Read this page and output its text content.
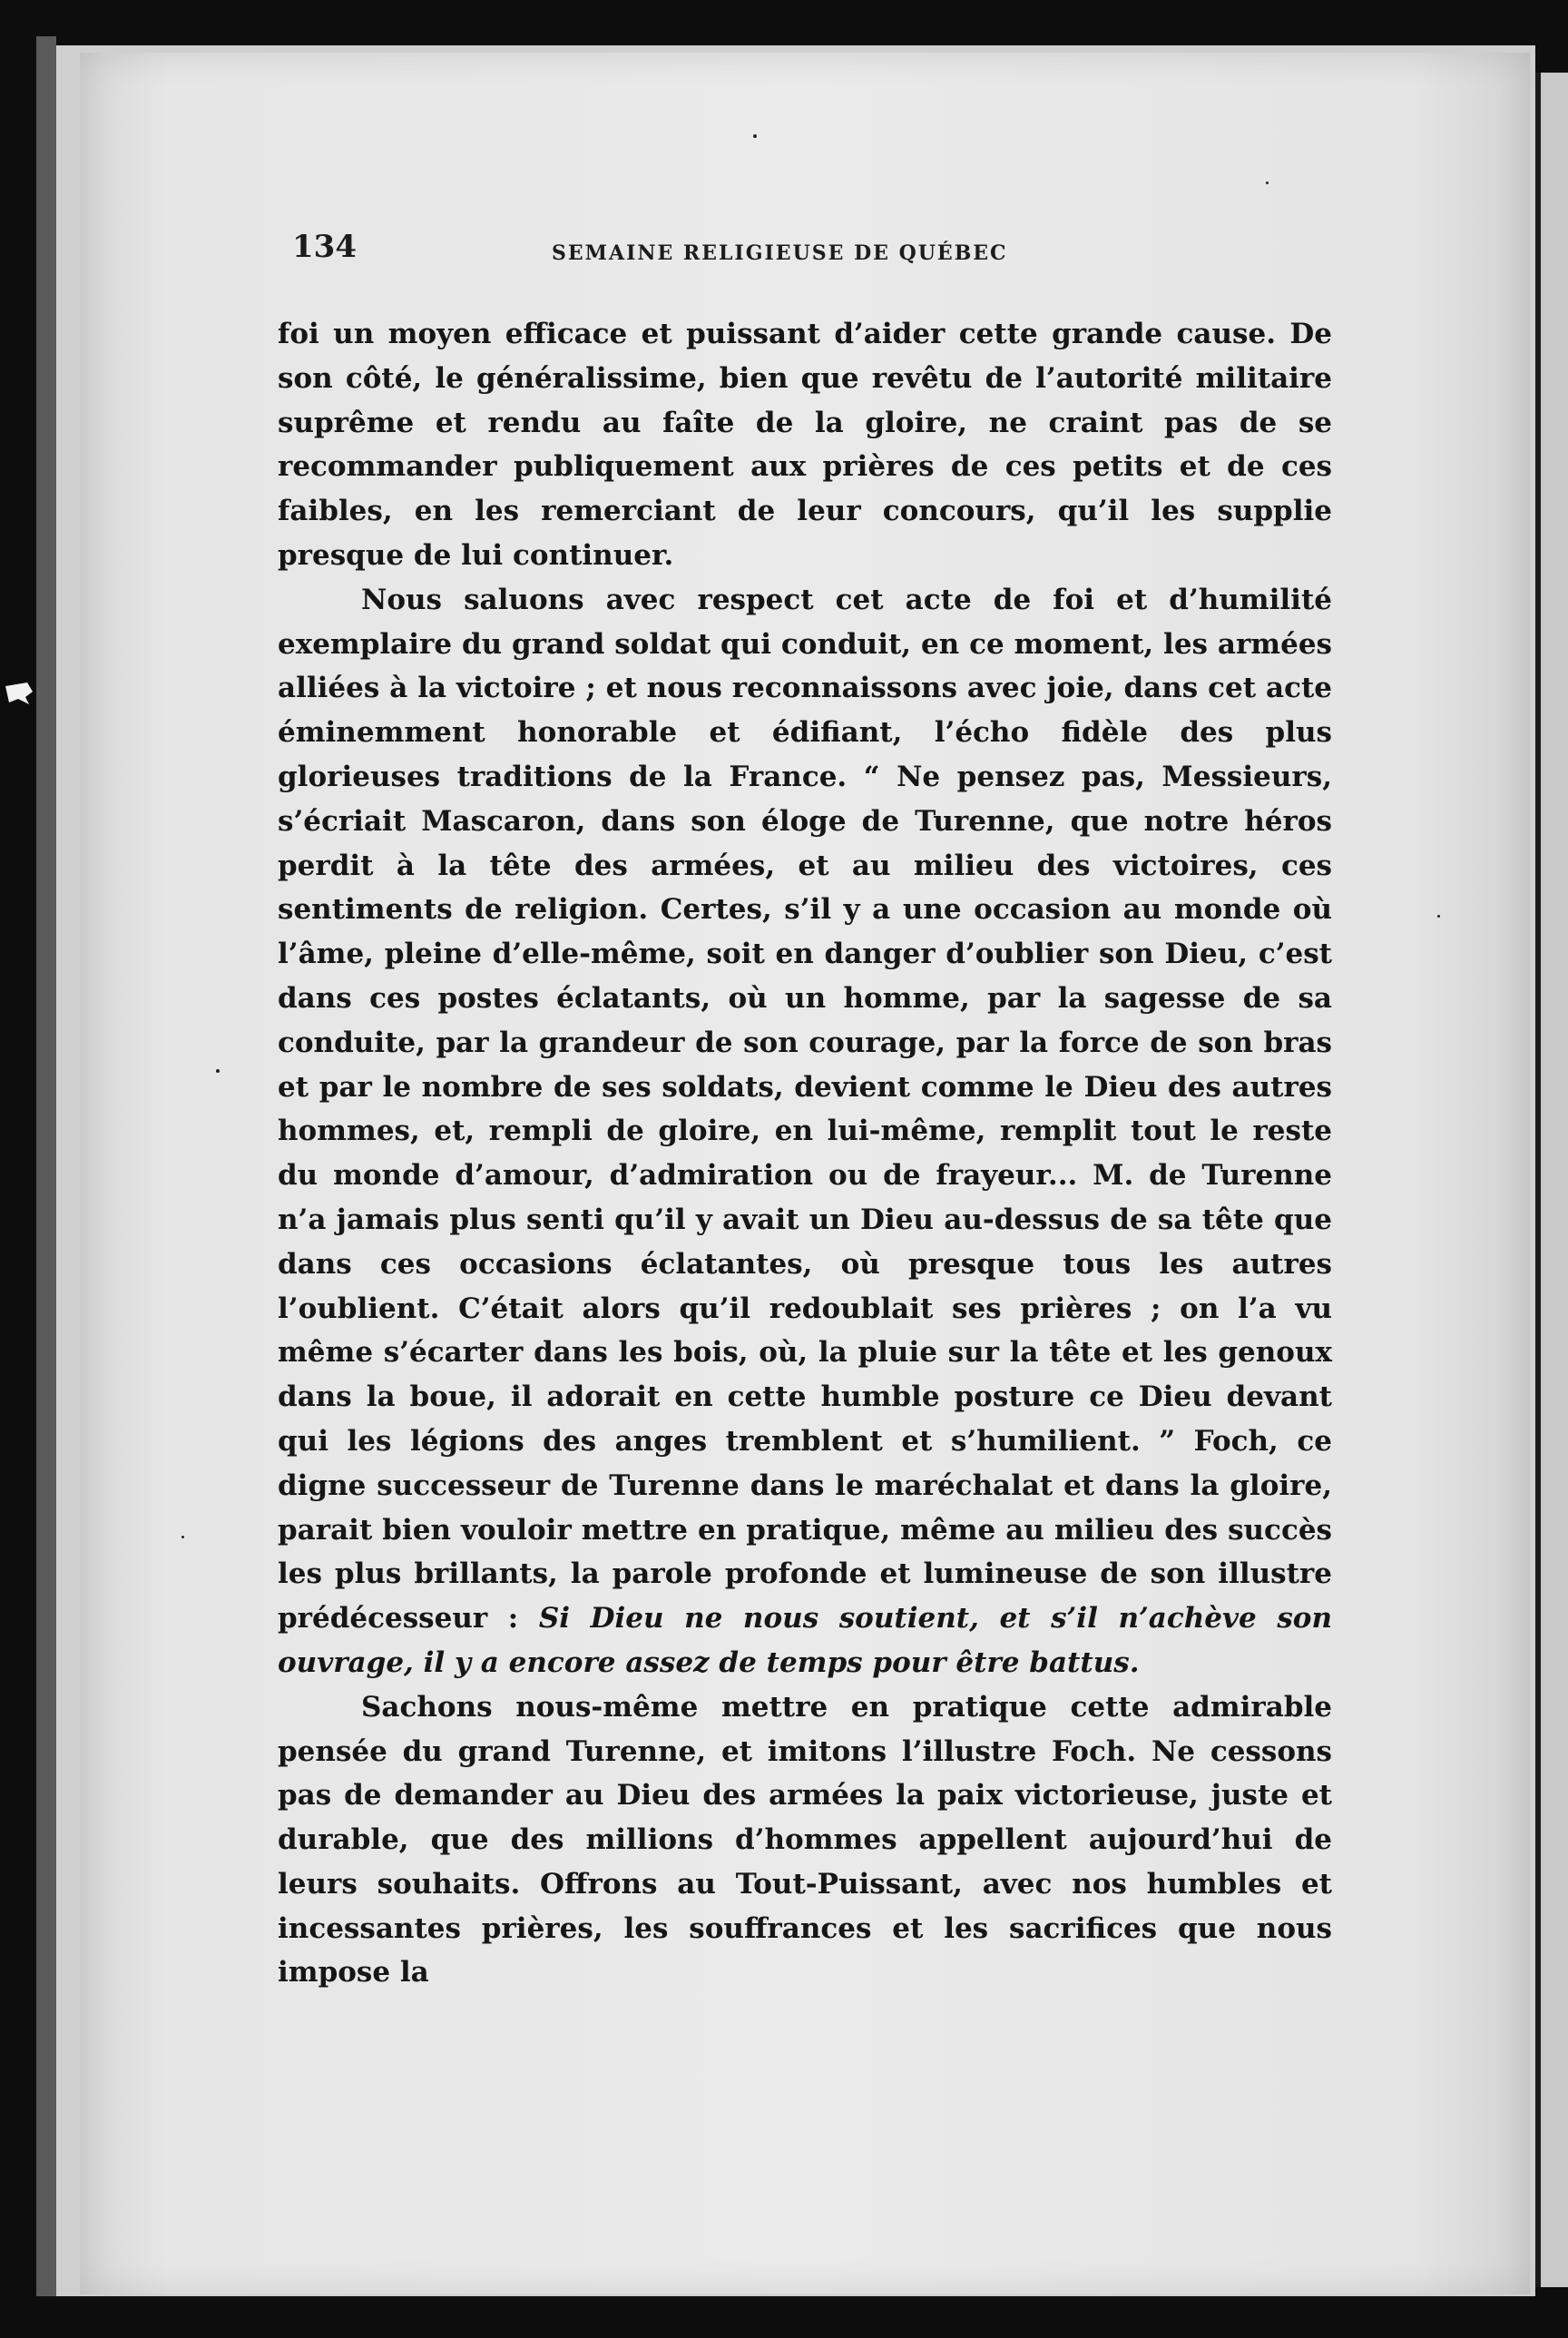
134	SEMAINE RELIGIEUSE DE QUÉBEC

foi un moyen efficace et puissant d’aider cette grande cause. De son côté, le généralissime, bien que revêtu de l’autorité militaire suprême et rendu au faîte de la gloire, ne craint pas de se recommander publiquement aux prières de ces petits et de ces faibles, en les remerciant de leur concours, qu’il les supplie presque de lui continuer.

Nous saluons avec respect cet acte de foi et d’humilité exemplaire du grand soldat qui conduit, en ce moment, les armées alliées à la victoire ; et nous reconnaissons avec joie, dans cet acte éminemment honorable et édifiant, l’écho fidèle des plus glorieuses traditions de la France. “ Ne pensez pas, Messieurs, s’écriait Mascaron, dans son éloge de Turenne, que notre héros perdit à la tête des armées, et au milieu des victoires, ces sentiments de religion. Certes, s’il y a une occasion au monde où l’âme, pleine d’elle-même, soit en danger d’oublier son Dieu, c’est dans ces postes éclatants, où un homme, par la sagesse de sa conduite, par la grandeur de son courage, par la force de son bras et par le nombre de ses soldats, devient comme le Dieu des autres hommes, et, rempli de gloire, en lui-même, remplit tout le reste du monde d’amour, d’admiration ou de frayeur... M. de Turenne n’a jamais plus senti qu’il y avait un Dieu au-dessus de sa tête que dans ces occasions éclatantes, où presque tous les autres l’oublient. C’était alors qu’il redoublait ses prières ; on l’a vu même s’écarter dans les bois, où, la pluie sur la tête et les genoux dans la boue, il adorait en cette humble posture ce Dieu devant qui les légions des anges tremblent et s’humilient. ” Foch, ce digne successeur de Turenne dans le maréchalat et dans la gloire, parait bien vouloir mettre en pratique, même au milieu des succès les plus brillants, la parole profonde et lumineuse de son illustre prédécesseur : Si Dieu ne nous soutient, et s’il n’achève son ouvrage, il y a encore assez de temps pour être battus.

Sachons nous-même mettre en pratique cette admirable pensée du grand Turenne, et imitons l’illustre Foch. Ne cessons pas de demander au Dieu des armées la paix victorieuse, juste et durable, que des millions d’hommes appellent aujourd’hui de leurs souhaits. Offrons au Tout-Puissant, avec nos humbles et incessantes prières, les souffrances et les sacrifices que nous impose la
